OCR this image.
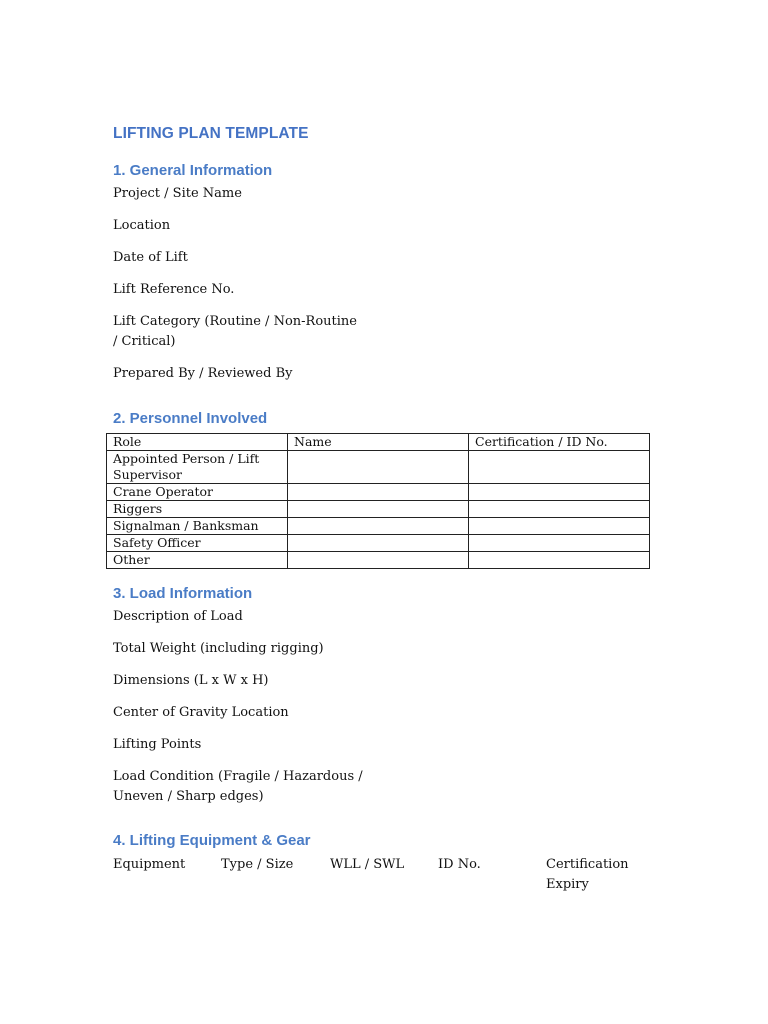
LIFTING PLAN TEMPLATE
1. General Information

Project / Site Name

Location

Date of Lift

Lift Reference No.

Lift Category (Routine / Non-Routine / Critical)

Prepared By / Reviewed By

2. Personnel Involved
Role	Name	Certification / ID No.
Appointed Person / Lift Supervisor		
Crane Operator		
Riggers		
Signalman / Banksman		
Safety Officer		
Other		
3. Load Information

Description of Load

Total Weight (including rigging)

Dimensions (L x W x H)

Center of Gravity Location

Lifting Points

Load Condition (Fragile / Hazardous / Uneven / Sharp edges)

4. Lifting Equipment & Gear

Equipment	Type / Size	WLL / SWL	ID No.	Certification Expiry
